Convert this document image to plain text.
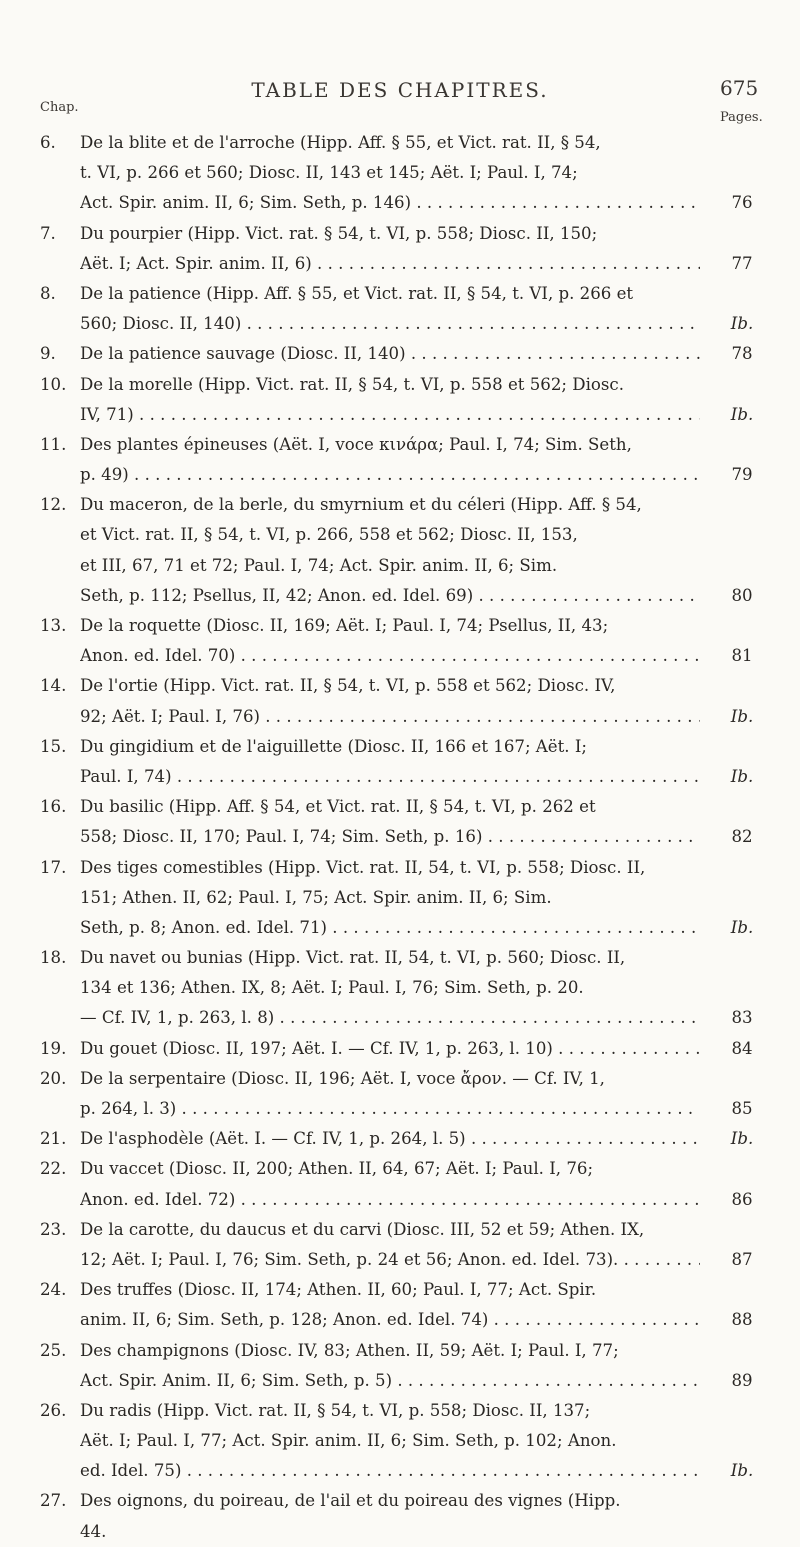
TABLE DES CHAPITRES.	675
Chap.
Pages.
6.	De la blite et de l'arroche (Hipp. Aff. § 55, et Vict. rat. II, § 54,
t. VI, p. 266 et 560; Diosc. II, 143 et 145; Aët. I; Paul. I, 74;
Act. Spir. anim. II, 6; Sim. Seth, p. 146) . . .	76
7.	Du pourpier (Hipp. Vict. rat. § 54, t. VI, p. 558; Diosc. II, 150;
Aët. I; Act. Spir. anim. II, 6) . . .	77
8.	De la patience (Hipp. Aff. § 55, et Vict. rat. II, § 54, t. VI, p. 266 et
560; Diosc. II, 140) . . .	Ib.
9.	De la patience sauvage (Diosc. II, 140) . . .	78
10. De la morelle (Hipp. Vict. rat. II, § 54, t. VI, p. 558 et 562; Diosc.
IV, 71) . . .	Ib.
11. Des plantes épineuses (Aët. I, voce κινάρα; Paul. I, 74; Sim. Seth,
p. 49) . . .	79
12. Du maceron, de la berle, du smyrnium et du céleri (Hipp. Aff. § 54,
et Vict. rat. II, § 54, t. VI, p. 266, 558 et 562; Diosc. II, 153,
et III, 67, 71 et 72; Paul. I, 74; Act. Spir. anim. II, 6; Sim.
Seth, p. 112; Psellus, II, 42; Anon. ed. Idel. 69) . . .	80
13. De la roquette (Diosc. II, 169; Aët. I; Paul. I, 74; Psellus, II, 43;
Anon. ed. Idel. 70) . . .	81
14. De l'ortie (Hipp. Vict. rat. II, § 54, t. VI, p. 558 et 562; Diosc. IV,
92; Aët. I; Paul. I, 76) . . .	Ib.
15. Du gingidium et de l'aiguillette (Diosc. II, 166 et 167; Aët. I;
Paul. I, 74) . . .	Ib.
16. Du basilic (Hipp. Aff. § 54, et Vict. rat. II, § 54, t. VI, p. 262 et
558; Diosc. II, 170; Paul. I, 74; Sim. Seth, p. 16) . . .	82
17. Des tiges comestibles (Hipp. Vict. rat. II, 54, t. VI, p. 558; Diosc. II,
151; Athen. II, 62; Paul. I, 75; Act. Spir. anim. II, 6; Sim.
Seth, p. 8; Anon. ed. Idel. 71) . . .	Ib.
18. Du navet ou bunias (Hipp. Vict. rat. II, 54, t. VI, p. 560; Diosc. II,
134 et 136; Athen. IX, 8; Aët. I; Paul. I, 76; Sim. Seth, p. 20.
— Cf. IV, 1, p. 263, l. 8) . . .	83
19. Du gouet (Diosc. II, 197; Aët. I. — Cf. IV, 1, p. 263, l. 10) . . .	84
20. De la serpentaire (Diosc. II, 196; Aët. I, voce ἄρον. — Cf. IV, 1,
p. 264, l. 3) . . .	85
21. De l'asphodèle (Aët. I. — Cf. IV, 1, p. 264, l. 5) . . .	Ib.
22. Du vaccet (Diosc. II, 200; Athen. II, 64, 67; Aët. I; Paul. I, 76;
Anon. ed. Idel. 72) . . .	86
23. De la carotte, du daucus et du carvi (Diosc. III, 52 et 59; Athen. IX,
12; Aët. I; Paul. I, 76; Sim. Seth, p. 24 et 56; Anon. ed. Idel. 73). . . .	87
24. Des truffes (Diosc. II, 174; Athen. II, 60; Paul. I, 77; Act. Spir.
anim. II, 6; Sim. Seth, p. 128; Anon. ed. Idel. 74) . . .	88
25. Des champignons (Diosc. IV, 83; Athen. II, 59; Aët. I; Paul. I, 77;
Act. Spir. Anim. II, 6; Sim. Seth, p. 5) . . .	89
26. Du radis (Hipp. Vict. rat. II, § 54, t. VI, p. 558; Diosc. II, 137;
Aët. I; Paul. I, 77; Act. Spir. anim. II, 6; Sim. Seth, p. 102; Anon.
ed. Idel. 75) . . .	Ib.
27. Des oignons, du poireau, de l'ail et du poireau des vignes (Hipp.
44.
